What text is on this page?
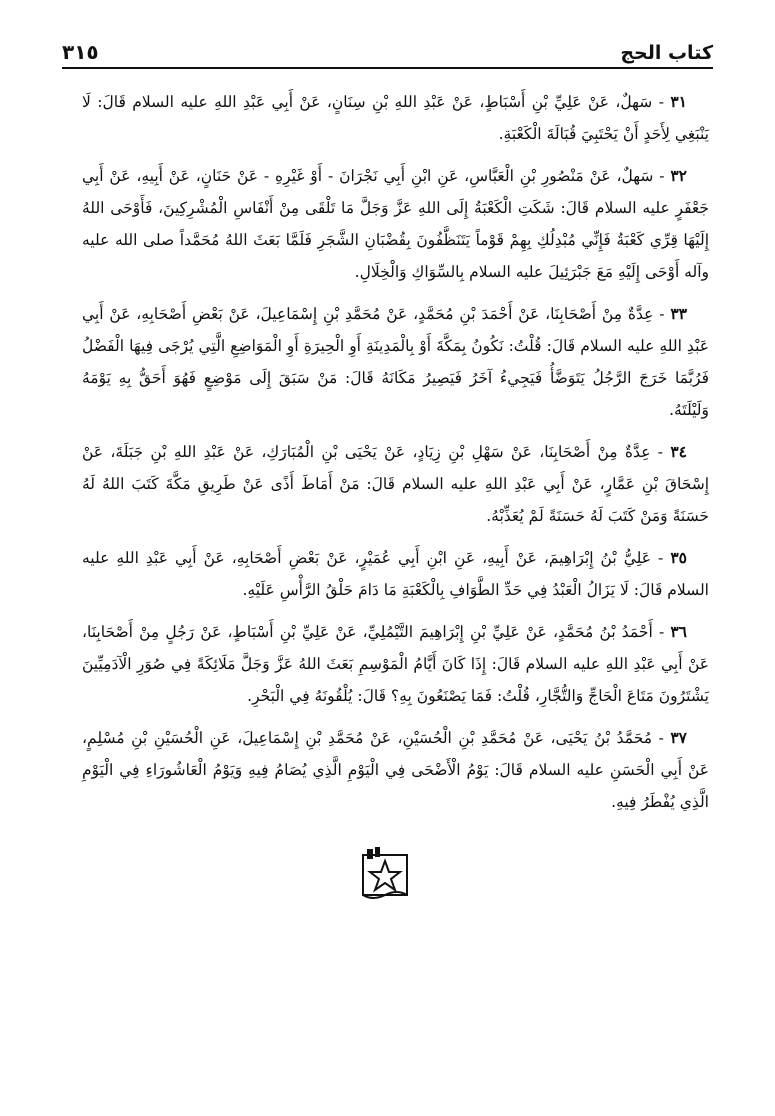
كتاب الحج
٣١٥

٣١ - سَهلٌ، عَنْ عَلِيِّ بْنِ أَسْبَاطٍ، عَنْ عَبْدِ اللهِ بْنِ سِنَانٍ، عَنْ أَبِي عَبْدِ اللهِ عليه السلام قَالَ: لَا يَنْبَغِي لِأَحَدٍ أَنْ يَحْتَبِيَ قُبَالَةَ الْكَعْبَةِ.

٣٢ - سَهلٌ، عَنْ مَنْصُورِ بْنِ الْعَبَّاسِ، عَنِ ابْنِ أَبِي نَجْرَانَ - أَوْ غَيْرِهِ - عَنْ حَنَانٍ، عَنْ أَبِيهِ، عَنْ أَبِي جَعْفَرٍ عليه السلام قَالَ: شَكَتِ الْكَعْبَةُ إِلَى اللهِ عَزَّ وَجَلَّ مَا تَلْقَى مِنْ أَنْفَاسِ الْمُشْرِكِينَ، فَأَوْحَى اللهُ إِلَيْهَا قِرِّي كَعْبَةُ فَإِنِّي مُبْدِلُكِ بِهِمْ قَوْماً يَتَنَظَّفُونَ بِقُضْبَانِ الشَّجَرِ فَلَمَّا بَعَثَ اللهُ مُحَمَّداً صلى الله عليه وآله أَوْحَى إِلَيْهِ مَعَ جَبْرَئِيلَ عليه السلام بِالسِّوَاكِ وَالْخِلَالِ.

٣٣ - عِدَّةٌ مِنْ أَصْحَابِنَا، عَنْ أَحْمَدَ بْنِ مُحَمَّدٍ، عَنْ مُحَمَّدِ بْنِ إِسْمَاعِيلَ، عَنْ بَعْضِ أَصْحَابِهِ، عَنْ أَبِي عَبْدِ اللهِ عليه السلام قَالَ: قُلْتُ: نَكُونُ بِمَكَّةَ أَوْ بِالْمَدِينَةِ أَوِ الْحِيرَةِ أَوِ الْمَوَاضِعِ الَّتِي يُرْجَى فِيهَا الْفَضْلُ فَرُبَّمَا خَرَجَ الرَّجُلُ يَتَوَضَّأُ فَيَجِيءُ آخَرُ فَيَصِيرُ مَكَانَهُ قَالَ: مَنْ سَبَقَ إِلَى مَوْضِعٍ فَهُوَ أَحَقُّ بِهِ يَوْمَهُ وَلَيْلَتَهُ.

٣٤ - عِدَّةٌ مِنْ أَصْحَابِنَا، عَنْ سَهْلِ بْنِ زِيَادٍ، عَنْ يَحْيَى بْنِ الْمُبَارَكِ، عَنْ عَبْدِ اللهِ بْنِ جَبَلَةَ، عَنْ إِسْحَاقَ بْنِ عَمَّارٍ، عَنْ أَبِي عَبْدِ اللهِ عليه السلام قَالَ: مَنْ أَمَاطَ أَذًى عَنْ طَرِيقِ مَكَّةَ كَتَبَ اللهُ لَهُ حَسَنَةً وَمَنْ كَتَبَ لَهُ حَسَنَةً لَمْ يُعَذِّبْهُ.

٣٥ - عَلِيُّ بْنُ إِبْرَاهِيمَ، عَنْ أَبِيهِ، عَنِ ابْنِ أَبِي عُمَيْرٍ، عَنْ بَعْضِ أَصْحَابِهِ، عَنْ أَبِي عَبْدِ اللهِ عليه السلام قَالَ: لَا يَزَالُ الْعَبْدُ فِي حَدِّ الطَّوَافِ بِالْكَعْبَةِ مَا دَامَ حَلْقُ الرَّأْسِ عَلَيْهِ.

٣٦ - أَحْمَدُ بْنُ مُحَمَّدٍ، عَنْ عَلِيِّ بْنِ إِبْرَاهِيمَ التَّيْمُلِيِّ، عَنْ عَلِيِّ بْنِ أَسْبَاطٍ، عَنْ رَجُلٍ مِنْ أَصْحَابِنَا، عَنْ أَبِي عَبْدِ اللهِ عليه السلام قَالَ: إِذَا كَانَ أَيَّامُ الْمَوْسِمِ بَعَثَ اللهُ عَزَّ وَجَلَّ مَلَائِكَةً فِي صُوَرِ الْآدَمِيِّينَ يَشْتَرُونَ مَتَاعَ الْحَاجِّ وَالتُّجَّارِ، قُلْتُ: فَمَا يَصْنَعُونَ بِهِ؟ قَالَ: يُلْقُونَهُ فِي الْبَحْرِ.

٣٧ - مُحَمَّدُ بْنُ يَحْيَى، عَنْ مُحَمَّدِ بْنِ الْحُسَيْنِ، عَنْ مُحَمَّدِ بْنِ إِسْمَاعِيلَ، عَنِ الْحُسَيْنِ بْنِ مُسْلِمٍ، عَنْ أَبِي الْحَسَنِ عليه السلام قَالَ: يَوْمُ الْأَضْحَى فِي الْيَوْمِ الَّذِي يُصَامُ فِيهِ وَيَوْمُ الْعَاشُورَاءِ فِي الْيَوْمِ الَّذِي يُفْطَرُ فِيهِ.
